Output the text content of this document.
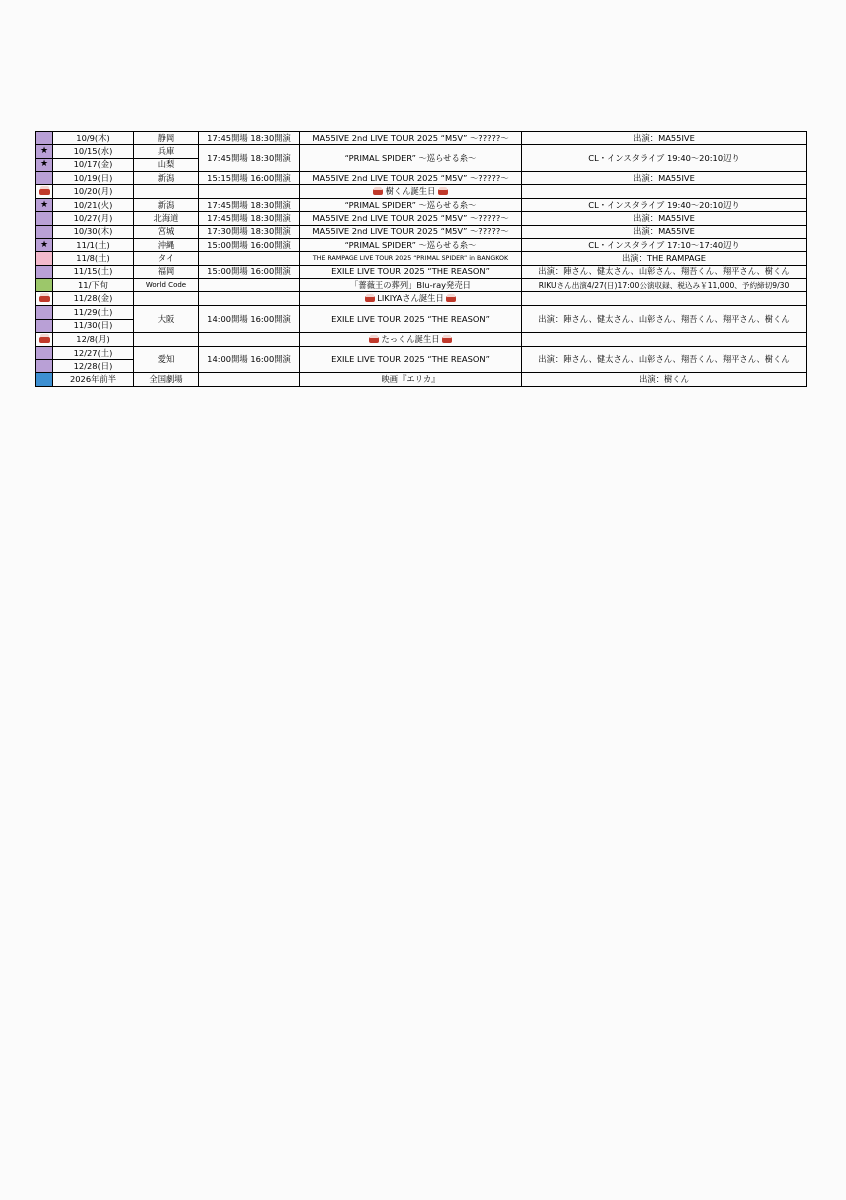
	10/9(木)	静岡	17:45開場 18:30開演	MA55IVE 2nd LIVE TOUR 2025 “M5V” ～?????～	出演：MA55IVE
★	10/15(水)	兵庫	17:45開場 18:30開演	“PRIMAL SPIDER” ～巡らせる糸～	CL・インスタライブ 19:40～20:10辺り
★	10/17(金)	山梨			
	10/19(日)	新潟	15:15開場 16:00開演	MA55IVE 2nd LIVE TOUR 2025 “M5V” ～?????～	出演：MA55IVE
	10/20(月)			樹くん誕生日	
★	10/21(火)	新潟	17:45開場 18:30開演	“PRIMAL SPIDER” ～巡らせる糸～	CL・インスタライブ 19:40～20:10辺り
	10/27(月)	北海道	17:45開場 18:30開演	MA55IVE 2nd LIVE TOUR 2025 “M5V” ～?????～	出演：MA55IVE
	10/30(木)	宮城	17:30開場 18:30開演	MA55IVE 2nd LIVE TOUR 2025 “M5V” ～?????～	出演：MA55IVE
★	11/1(土)	沖縄	15:00開場 16:00開演	“PRIMAL SPIDER” ～巡らせる糸～	CL・インスタライブ 17:10～17:40辺り
	11/8(土)	タイ		THE RAMPAGE LIVE TOUR 2025 “PRIMAL SPIDER” in BANGKOK	出演：THE RAMPAGE
	11/15(土)	福岡	15:00開場 16:00開演	EXILE LIVE TOUR 2025 “THE REASON”	出演：陣さん、健太さん、山彰さん、翔吾くん、翔平さん、樹くん
	11/下旬	World Code		「薔薇王の葬列」Blu-ray発売日	RIKUさん出演4/27(日)17:00公演収録、税込み￥11,000、予約締切9/30
	11/28(金)			LIKIYAさん誕生日	
	11/29(土)	大阪	14:00開場 16:00開演	EXILE LIVE TOUR 2025 “THE REASON”	出演：陣さん、健太さん、山彰さん、翔吾くん、翔平さん、樹くん
	11/30(日)				
	12/8(月)			たっくん誕生日	
	12/27(土)	愛知	14:00開場 16:00開演	EXILE LIVE TOUR 2025 “THE REASON”	出演：陣さん、健太さん、山彰さん、翔吾くん、翔平さん、樹くん
	12/28(日)				
	2026年前半	全国劇場		映画『エリカ』	出演：樹くん
